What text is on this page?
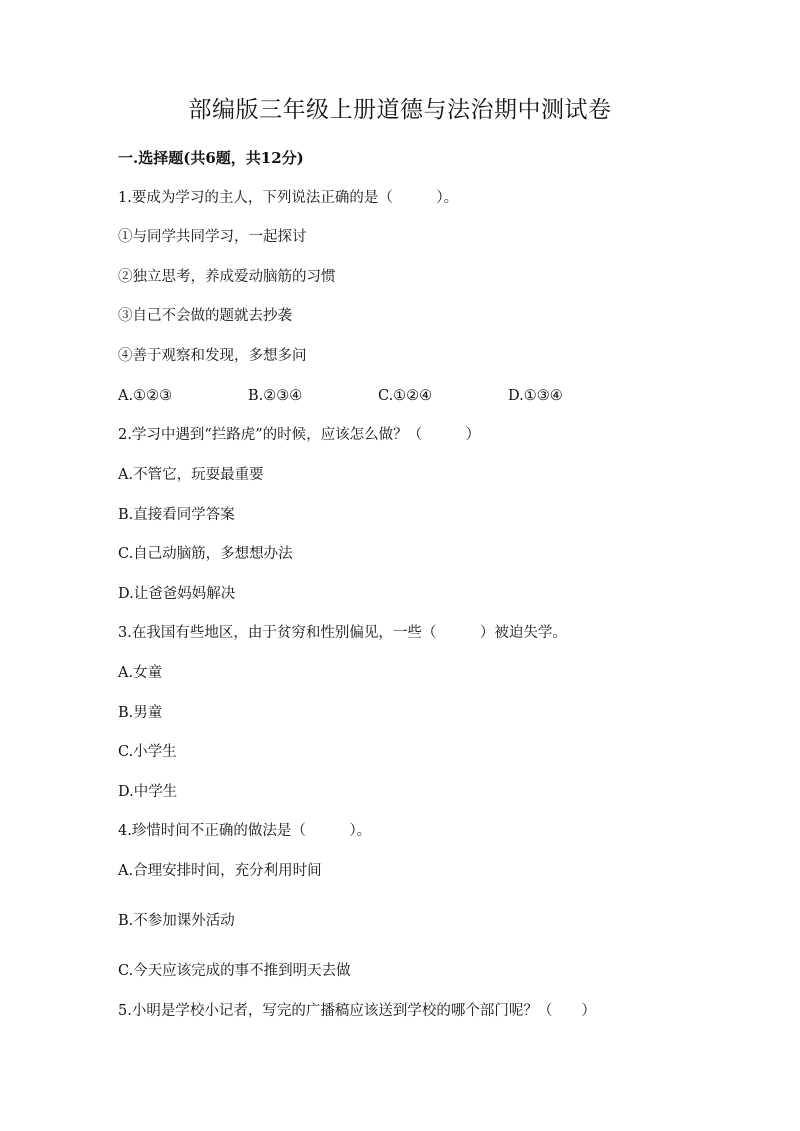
部编版三年级上册道德与法治期中测试卷
一.选择题(共6题，共12分)
1.要成为学习的主人，下列说法正确的是（　　　）。
①与同学共同学习，一起探讨
②独立思考，养成爱动脑筋的习惯
③自己不会做的题就去抄袭
④善于观察和发现，多想多问
A.①②③	B.②③④	C.①②④	D.①③④
2.学习中遇到“拦路虎”的时候，应该怎么做？（　　　）
A.不管它，玩耍最重要
B.直接看同学答案
C.自己动脑筋，多想想办法
D.让爸爸妈妈解决
3.在我国有些地区，由于贫穷和性别偏见，一些（　　　）被迫失学。
A.女童
B.男童
C.小学生
D.中学生
4.珍惜时间不正确的做法是（　　　）。
A.合理安排时间，充分利用时间
B.不参加课外活动
C.今天应该完成的事不推到明天去做
5.小明是学校小记者，写完的广播稿应该送到学校的哪个部门呢？（　　）
